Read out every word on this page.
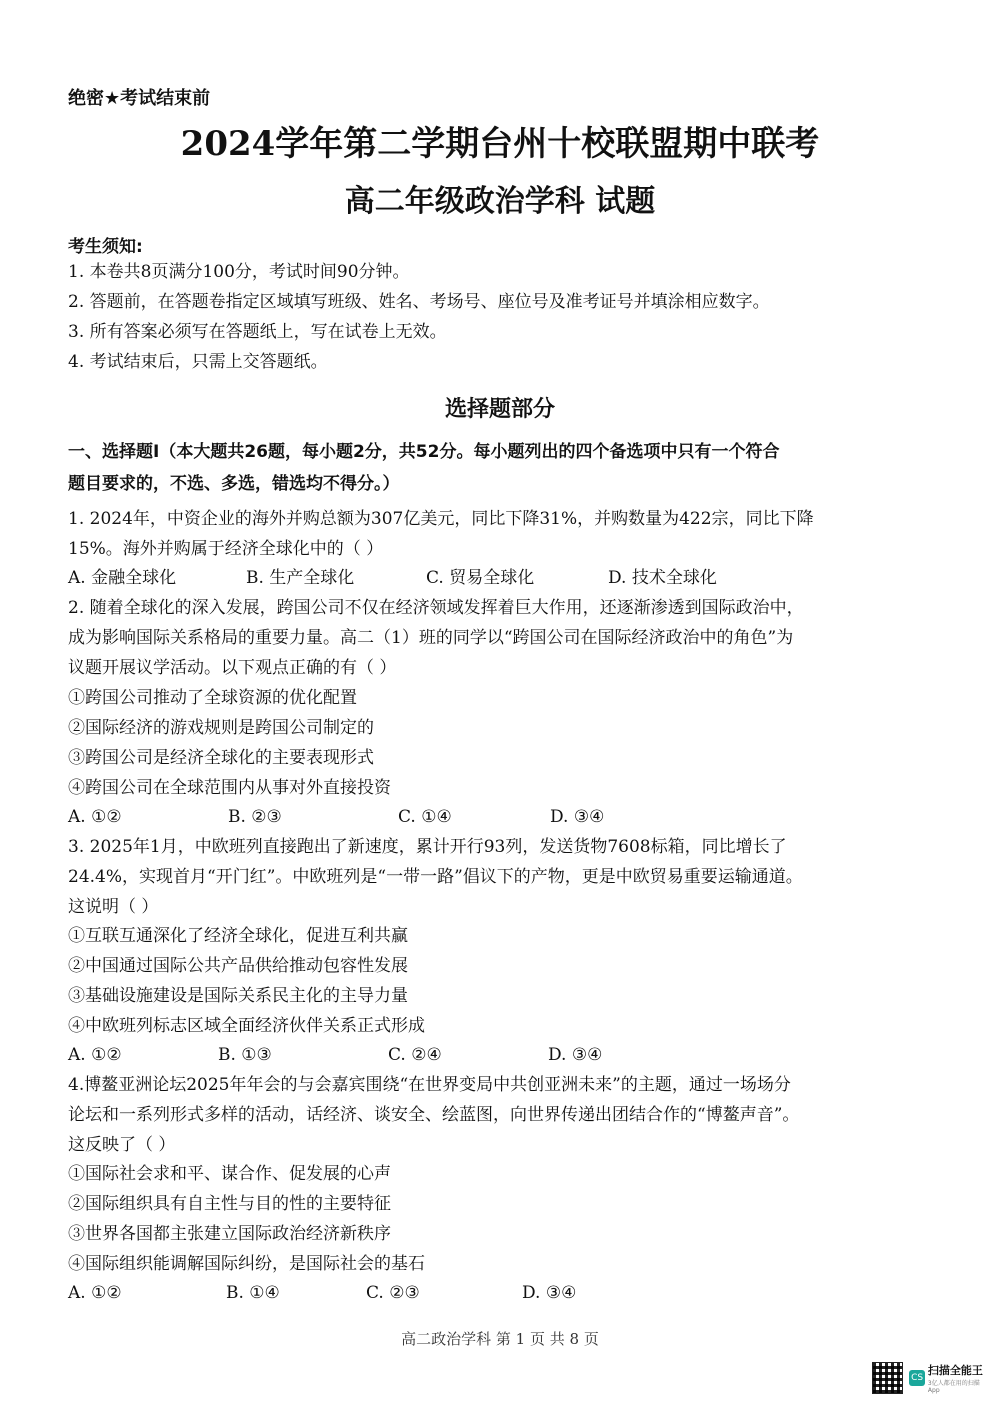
绝密★考试结束前
2024学年第二学期台州十校联盟期中联考
高二年级政治学科 试题
考生须知:
1. 本卷共8页满分100分，考试时间90分钟。
2. 答题前，在答题卷指定区域填写班级、姓名、考场号、座位号及准考证号并填涂相应数字。
3. 所有答案必须写在答题纸上，写在试卷上无效。
4. 考试结束后，只需上交答题纸。
选择题部分
一、选择题Ⅰ（本大题共26题，每小题2分，共52分。每小题列出的四个备选项中只有一个符合
题目要求的，不选、多选，错选均不得分。）
1. 2024年，中资企业的海外并购总额为307亿美元，同比下降31%，并购数量为422宗，同比下降
15%。海外并购属于经济全球化中的（ ）
A. 金融全球化	B. 生产全球化	C. 贸易全球化	D. 技术全球化
2. 随着全球化的深入发展，跨国公司不仅在经济领域发挥着巨大作用，还逐渐渗透到国际政治中，
成为影响国际关系格局的重要力量。高二（1）班的同学以“跨国公司在国际经济政治中的角色”为
议题开展议学活动。以下观点正确的有（ ）
①跨国公司推动了全球资源的优化配置
②国际经济的游戏规则是跨国公司制定的
③跨国公司是经济全球化的主要表现形式
④跨国公司在全球范围内从事对外直接投资
A. ①②	B. ②③	C. ①④	D. ③④
3. 2025年1月，中欧班列直接跑出了新速度，累计开行93列，发送货物7608标箱，同比增长了
24.4%，实现首月“开门红”。中欧班列是“一带一路”倡议下的产物，更是中欧贸易重要运输通道。
这说明（ ）
①互联互通深化了经济全球化，促进互利共赢
②中国通过国际公共产品供给推动包容性发展
③基础设施建设是国际关系民主化的主导力量
④中欧班列标志区域全面经济伙伴关系正式形成
A. ①②	B. ①③	C. ②④	D. ③④
4.博鳌亚洲论坛2025年年会的与会嘉宾围绕“在世界变局中共创亚洲未来”的主题，通过一场场分
论坛和一系列形式多样的活动，话经济、谈安全、绘蓝图，向世界传递出团结合作的“博鳌声音”。
这反映了（ ）
①国际社会求和平、谋合作、促发展的心声
②国际组织具有自主性与目的性的主要特征
③世界各国都主张建立国际政治经济新秩序
④国际组织能调解国际纠纷，是国际社会的基石
A. ①②	B. ①④	C. ②③	D. ③④
高二政治学科 第 1 页 共 8 页
CS
扫描全能王
3亿人都在用的扫描App
